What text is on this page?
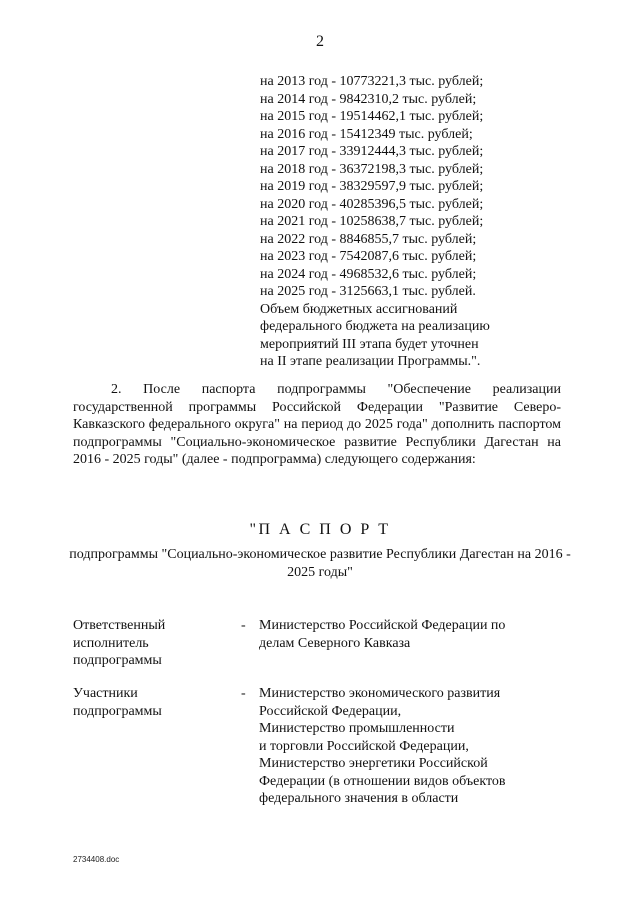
2
на 2013 год - 10773221,3 тыс. рублей;
на 2014 год - 9842310,2 тыс. рублей;
на 2015 год - 19514462,1 тыс. рублей;
на 2016 год - 15412349 тыс. рублей;
на 2017 год - 33912444,3 тыс. рублей;
на 2018 год - 36372198,3 тыс. рублей;
на 2019 год - 38329597,9 тыс. рублей;
на 2020 год - 40285396,5 тыс. рублей;
на 2021 год - 10258638,7 тыс. рублей;
на 2022 год - 8846855,7 тыс. рублей;
на 2023 год - 7542087,6 тыс. рублей;
на 2024 год - 4968532,6 тыс. рублей;
на 2025 год - 3125663,1 тыс. рублей.
Объем бюджетных ассигнований
федерального бюджета на реализацию
мероприятий III этапа будет уточнен
на II этапе реализации Программы.".
2. После паспорта подпрограммы "Обеспечение реализации государственной программы Российской Федерации "Развитие Северо-Кавказского федерального округа" на период до 2025 года" дополнить паспортом подпрограммы "Социально-экономическое развитие Республики Дагестан на 2016 - 2025 годы" (далее - подпрограмма) следующего содержания:
"П А С П О Р Т
подпрограммы "Социально-экономическое развитие Республики Дагестан на 2016 - 2025 годы"
Ответственный
исполнитель
подпрограммы
- Министерство Российской Федерации по
делам Северного Кавказа
Участники
подпрограммы
- Министерство экономического развития
Российской Федерации,
Министерство промышленности
и торговли Российской Федерации,
Министерство энергетики Российской
Федерации (в отношении видов объектов
федерального значения в области
2734408.doc
